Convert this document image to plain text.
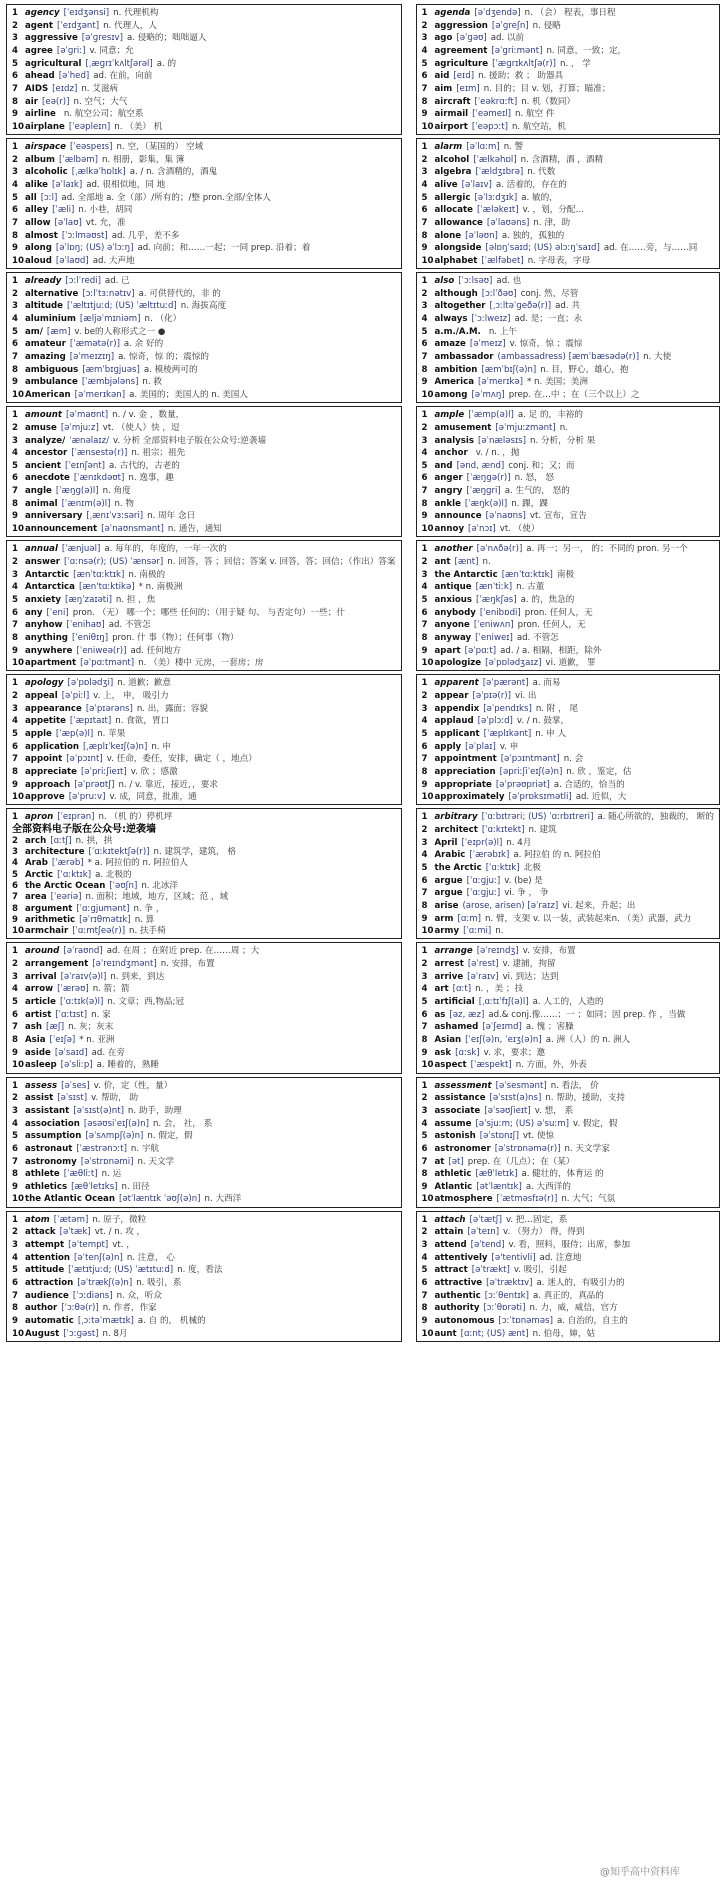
1 agency [ˈeɪdʒənsi] n. 代理机构
2 agent [ˈeɪdʒənt] n. 代理人，人
3 aggressive [əˈɡresɪv] a. 侵略的；咄咄逼人
4 agree [əˈɡriː] v. 同意；允
5 agricultural [ˌæɡrɪˈkʌltʃərəl] a. 的
6 ahead [əˈhed] ad. 在前，向前
7 AIDS [eɪdz] n. 艾滋病
8 air [eə(r)] n. 空气；大气
9 airline n. 航空公司；航空系
10 airplane [ˈeəpleɪn] n. （美） 机
1 agenda [əˈdʒendə] n. （会） 程表，事日程
2 aggression [əˈɡreʃn] n. 侵略
3 ago [əˈɡəʊ] ad. 以前
4 agreement [əˈɡriːmənt] n. 同意，一致；定，
5 agriculture [ˈæɡrɪkʌltʃə(r)] n. ， 学
6 aid [eɪd] n. 援助；救 ； 助器具
7 aim [eɪm] n. 目的；目 v. 划，打算；瞄准；
8 aircraft [ˈeəkrɑːft] n. 机（数同）
9 airmail [ˈeəmeɪl] n. 航空 件
10 airport [ˈeəpɔːt] n. 航空站，机
1 airspace [ˈeəspeɪs] n. 空，（某国的） 空域
2 album [ˈælbəm] n. 相册，影集，集 簿
3 alcoholic [ˌælkəˈhɒlɪk] a. / n. 含酒精的，酒鬼
4 alike [əˈlaɪk] ad. 很相似地，同 地
5 all [ɔːl] ad. 全部地 a. 全（部）/所有的；/整 pron.全部/全体人
6 alley [ˈæli] n. 小巷，胡同
7 allow [əˈlaʊ] vt. 允，准
8 almost [ˈɔːlməʊst] ad. 几乎，差不多
9 along [əˈlɒŋ; (US) əˈlɔːŋ] ad. 向前；和……一起；一同 prep. 沿着；着
10 aloud [əˈlaʊd] ad. 大声地
1 alarm [əˈlɑːm] n. 警
2 alcohol [ˈælkəhɒl] n. 含酒精，酒 ，酒精
3 algebra [ˈældʒɪbrə] n. 代数
4 alive [əˈlaɪv] a. 活着的，存在的
5 allergic [əˈlɜːdʒɪk] a. 敏的，
6 allocate [ˈæləkeɪt] v. ，划，分配…
7 allowance [əˈlaʊəns] n. 津，助
8 alone [əˈləʊn] a. 独的，孤独的
9 alongside [əlɒŋˈsaɪd; (US) əlɔːŋˈsaɪd] ad. 在……旁，与……同
10 alphabet [ˈælfəbet] n. 字母表，字母
1 already [ɔːlˈredi] ad. 已
2 alternative [ɔːlˈtɜːnətɪv] a. 可供替代的，非 的
3 altitude [ˈæltɪtjuːd; (US) ˈæltɪtuːd] n. 海拔高度
4 aluminium [æljəˈmɪniəm] n. （化）
5 am/ [æm] v. be的人称形式之一 ●
6 amateur [ˈæmətə(r)] a. 余 好的
7 amazing [əˈmeɪzɪŋ] a. 惊奇，惊 的；震惊的
8 ambiguous [æmˈbɪɡjuəs] a. 模棱两可的
9 ambulance [ˈæmbjələns] n. 救
10 American [əˈmerɪkən] a. 美国的；美国人的 n. 美国人
1 also [ˈɔːlsəʊ] ad. 也
2 although [ɔːlˈðəʊ] conj. 然，尽管
3 altogether [ˌɔːltəˈɡeðə(r)] ad. 共
4 always [ˈɔːlweɪz] ad. 是；一直；永
5 a.m./A.M. n. 上午
6 amaze [əˈmeɪz] v. 惊奇，惊 ；震惊
7 ambassador (ambassadress) [æmˈbæsədə(r)] n. 大使
8 ambition [æmˈbɪʃ(ə)n] n. 目，野心，雄心，抱
9 America [əˈmerɪkə] * n. 美国；美洲
10 among [əˈmʌŋ] prep. 在…中 ；在（三个以上）之
1 amount [əˈmaʊnt] n. / v. 金 ，数量，
2 amuse [əˈmjuːz] vt. （使人）快 ，逗
3 analyze/ ˈænəlaɪz/ v. 分析 全部资料电子版在公众号:逆袭墙
4 ancestor [ˈænsestə(r)] n. 祖宗；祖先
5 ancient [ˈeɪnʃənt] a. 古代的，古老的
6 anecdote [ˈænɪkdəʊt] n. 逸事，趣
7 angle [ˈæŋɡ(ə)l] n. 角度
8 animal [ˈænɪm(ə)l] n. 物
9 anniversary [ˌænɪˈvɜːsəri] n. 周年 念日
10 announcement [əˈnaʊnsmənt] n. 通告，通知
1 ample [ˈæmp(ə)l] a. 足 的，丰裕的
2 amusement [əˈmjuːzmənt] n.
3 analysis [əˈnæləsɪs] n. 分析，分析 果
4 anchor v. / n. ，抛
5 and [ənd, ænd] conj. 和；又；而
6 anger [ˈæŋɡə(r)] n. 怒， 怒
7 angry [ˈæŋɡri] a. 生气的， 怒的
8 ankle [ˈæŋk(ə)l] n. 踝，踝
9 announce [əˈnaʊns] vt. 宣布，宣告
10 annoy [əˈnɔɪ] vt. （使）
1 annual [ˈænjuəl] a. 每年的，年度的，一年一次的
2 answer [ˈɑːnsə(r); (US) ˈænsər] n. 回答，答 ；回信；答案 v. 回答，答；回信；（作出）答案
3 Antarctic [ænˈtɑːktɪk] n. 南极的
4 Antarctica [æn'tɑːktikə] * n. 南极洲
5 anxiety [æŋˈzaɪəti] n. 担 ，焦
6 any [ˈeni] pron. （无） 哪一个；哪些 任何的；（用于疑 句、 与否定句）一些；什
7 anyhow [ˈenihaʊ] ad. 不管怎
8 anything [ˈeniθɪŋ] pron. 什 事（物）；任何事（物）
9 anywhere [ˈeniweə(r)] ad. 任何地方
10 apartment [əˈpɑːtmənt] n. （美）楼中 元房，一套房；房
1 another [əˈnʌðə(r)] a. 再一；另一， 的；不同的 pron. 另一个
2 ant [ænt] n.
3 the Antarctic [ænˈtɑːktɪk] 南极
4 antique [ænˈtiːk] n. 古董
5 anxious [ˈæŋkʃəs] a. 的，焦急的
6 anybody [ˈenibɒdi] pron. 任何人，无
7 anyone [ˈeniwʌn] pron. 任何人，无
8 anyway [ˈeniweɪ] ad. 不管怎
9 apart [əˈpɑːt] ad. / a. 相隔，相距，除外
10 apologize [əˈpɒlədʒaɪz] vi. 道歉， 罪
1 apology [əˈpɒlədʒi] n. 道歉；歉意
2 appeal [əˈpiːl] v. 上， 申， 吸引力
3 appearance [əˈpɪərəns] n. 出，露面；容貌
4 appetite [ˈæpɪtaɪt] n. 食欲，胃口
5 apple [ˈæp(ə)l] n. 苹果
6 application [ˌæplɪˈkeɪʃ(ə)n] n. 申
7 appoint [əˈpɔɪnt] v. 任命，委任，安排，确定（ ，地点）
8 appreciate [əˈpriːʃieɪt] v. 欣 ；感激
9 approach [əˈprəʊtʃ] n. / v. 靠近，接近，，要求
10 approve [əˈpruːv] v. 成，同意，批准，通
1 apparent [əˈpærənt] a. 而易
2 appear [əˈpɪə(r)] vi. 出
3 appendix [əˈpendɪks] n. 附 ， 尾
4 applaud [əˈplɔːd] v. / n. 鼓掌，
5 applicant [ˈæplɪkənt] n. 申 人
6 apply [əˈplaɪ] v. 申
7 appointment [əˈpɔɪntmənt] n. 会
8 appreciation [əpriːʃiˈeɪʃ(ə)n] n. 欣 ，鉴定，估
9 appropriate [əˈprəʊpriət] a. 合适的，恰当的
10 approximately [əˈprɒksɪmətli] ad. 近似，大
1 apron [ˈeɪprən] n. （机 的）停机坪
全部资料电子版在公众号:逆袭墙
2 arch [ɑːtʃ] n. 拱，拱
3 architecture [ˈɑːkɪtektʃə(r)] n. 建筑学，建筑， 格
4 Arab [ˈærəb] * a. 阿拉伯的 n. 阿拉伯人
5 Arctic [ˈɑːktɪk] a. 北极的
6 the Arctic Ocean [ˈəʊʃn] n. 北冰洋
7 area [ˈeəriə] n. 面积；地域，地方，区域；范 ，域
8 argument [ˈɑːɡjumənt] n. 争 ，
9 arithmetic [əˈrɪθmətɪk] n. 算
10 armchair [ˈɑːmtʃeə(r)] n. 扶手椅
1 arbitrary [ˈɑːbɪtrəri; (US) ˈɑːrbɪtreri] a. 随心所欲的，独裁的， 断的
2 architect [ˈɑːkɪtekt] n. 建筑
3 April [ˈeɪpr(ə)l] n. 4月
4 Arabic [ˈærəbɪk] a. 阿拉伯 的 n. 阿拉伯
5 the Arctic [ˈɑːktɪk] 北极
6 argue [ˈɑːɡjuː] v. (be) 是
7 argue [ˈɑːɡjuː] vi. 争 ， 争
8 arise (arose, arisen) [əˈraɪz] vi. 起来，升起；出
9 arm [ɑːm] n. 臂，支架 v. 以一装，武装起来n. （美）武器，武力
10 army [ˈɑːmi] n.
1 around [əˈraʊnd] ad. 在周 ；在附近 prep. 在……周 ；大
2 arrangement [əˈreɪndʒmənt] n. 安排，布置
3 arrival [əˈraɪv(ə)l] n. 到来，到达
4 arrow [ˈærəʊ] n. 箭；箭
5 article [ˈɑːtɪk(ə)l] n. 文章；西,物品;冠
6 artist [ˈɑːtɪst] n. 家
7 ash [æʃ] n. 灰；灰末
8 Asia [ˈeɪʃə] * n. 亚洲
9 aside [əˈsaɪd] ad. 在旁
10 asleep [əˈsliːp] a. 睡着的，熟睡
1 arrange [əˈreɪndʒ] v. 安排，布置
2 arrest [əˈrest] v. 逮捕，拘留
3 arrive [əˈraɪv] vi. 到达；达到
4 art [ɑːt] n. ，美 ；技
5 artificial [ˌɑːtɪˈfɪʃ(ə)l] a. 人工的，人造的
6 as [əz, æz] ad.& conj.像……；一 ；如同；因 prep. 作 ，当做
7 ashamed [əˈʃeɪmd] a. 愧 ；害臊
8 Asian [ˈeɪʃ(ə)n, ˈeɪʒ(ə)n] a. 洲（人）的 n. 洲人
9 ask [ɑːsk] v. 求，要求；邀
10 aspect [ˈæspekt] n. 方面，外，外表
1 assess [əˈses] v. 价，定（性，量）
2 assist [əˈsɪst] v. 帮助， 助
3 assistant [əˈsɪst(ə)nt] n. 助手，助理
4 association [əsəʊsiˈeɪʃ(ə)n] n. 会， 社， 系
5 assumption [əˈsʌmpʃ(ə)n] n. 假定，假
6 astronaut [ˈæstrənɔːt] n. 宇航
7 astronomy [əˈstrɒnəmi] n. 天文学
8 athlete [ˈæθliːt] n. 运
9 athletics [æθˈletɪks] n. 田径
10 the Atlantic Ocean [ətˈlæntɪk ˈəʊʃ(ə)n] n. 大西洋
1 assessment [əˈsesmənt] n. 看法， 价
2 assistance [əˈsɪst(ə)ns] n. 帮助，援助，支持
3 associate [əˈsəʊʃieɪt] v. 想， 系
4 assume [əˈsjuːm; (US) əˈsuːm] v. 假定，假
5 astonish [əˈstɒnɪʃ] vt. 使惊
6 astronomer [əˈstrɒnəmə(r)] n. 天文学家
7 at [ət] prep. 在（几点）；在（某）
8 athletic [æθˈletɪk] a. 健壮的，体育运 的
9 Atlantic [ətˈlæntɪk] a. 大西洋的
10 atmosphere [ˈætməsfɪə(r)] n. 大气；气氛
1 atom [ˈætəm] n. 原子，微粒
2 attack [əˈtæk] vt. / n. 攻 ，
3 attempt [əˈtempt] vt. ，
4 attention [əˈtenʃ(ə)n] n. 注意， 心
5 attitude [ˈætɪtjuːd; (US) ˈætɪtuːd] n. 度，看法
6 attraction [əˈtrækʃ(ə)n] n. 吸引，系
7 audience [ˈɔːdiəns] n. 众，听众
8 author [ˈɔːθə(r)] n. 作者，作家
9 automatic [ˌɔːtəˈmætɪk] a. 自 的， 机械的
10 August [ˈɔːɡəst] n. 8月
1 attach [əˈtætʃ] v. 把…固定，系
2 attain [əˈteɪn] v. （努力） 得，得到
3 attend [əˈtend] v. 看，照料，服侍；出席，参加
4 attentively [ə'tentivli] ad. 注意地
5 attract [əˈtrækt] v. 吸引，引起
6 attractive [əˈtræktɪv] a. 迷人的，有吸引力的
7 authentic [ɔːˈθentɪk] a. 真正的，真品的
8 authority [ɔːˈθɒrəti] n. 力，威，威信，官方
9 autonomous [ɔːˈtɒnəməs] a. 自治的，自主的
10 aunt [ɑːnt; (US) ænt] n. 伯母，婶，姑
@知乎高中资料库
